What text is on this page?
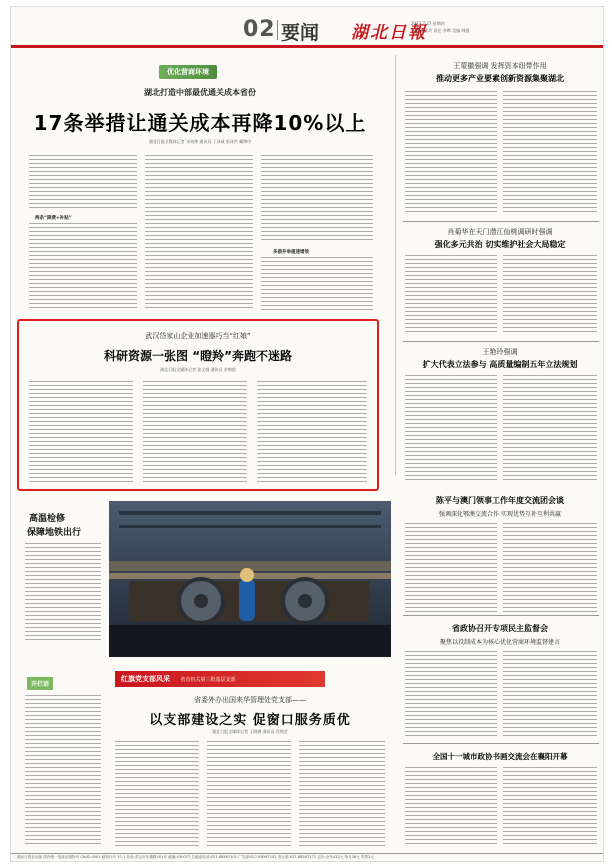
02 要闻 湖北日報
2023.7.27 星期四
主编 张素玲 责任 李晔 美编 韩盛
优化营商环境
湖北打造中部最优通关成本省份
17条举措让通关成本再降10%以上
湖北日报全媒体记者 宋效尊 通讯员 丁泽威 彭泽洪 戴博中
两条“降费+补贴”
多措并举提速增效
武汉岱家山企业加速器巧当“红娘”
科研资源一张图 “瞪羚”奔跑不迷路
湖北日报全媒体记者 张文扬 通讯员 余锦凯
王蒙徽强调 发挥资本纽带作用
推动更多产业要素创新资源集聚湖北
肖菊华在天门潜江仙桃调研时强调
强化多元共治 切实维护社会大局稳定
王艳玲强调
扩大代表立法参与 高质量编制五年立法规划
高温检修
保障地铁出行
陈平与澳门领事工作年度交流团会谈
强调深化鄂澳交流合作 实现优势互补互利共赢
省政协召开专项民主监督会
聚焦以投制成本为核心优化营商环境监督建言
全国十一城市政协书画交流会在襄阳开幕
红旗党支部风采 省直机关第三批基层支部
开栏语
省委外办出国来华管理处党支部——
以支部建设之实 促窗口服务质优
湖北日报全媒体记者 王晓钢 通讯员 肖锦艺
湖北日报社出版 国内统一连续出版物号 CN42-0001 邮发代号 37-1 社址:武汉市东湖路181号 邮编:430077 总编室电话:027-88567101 广告部:027-88567152 发行部:027-88567272 定价:全年432元 每月36元 零售2元
